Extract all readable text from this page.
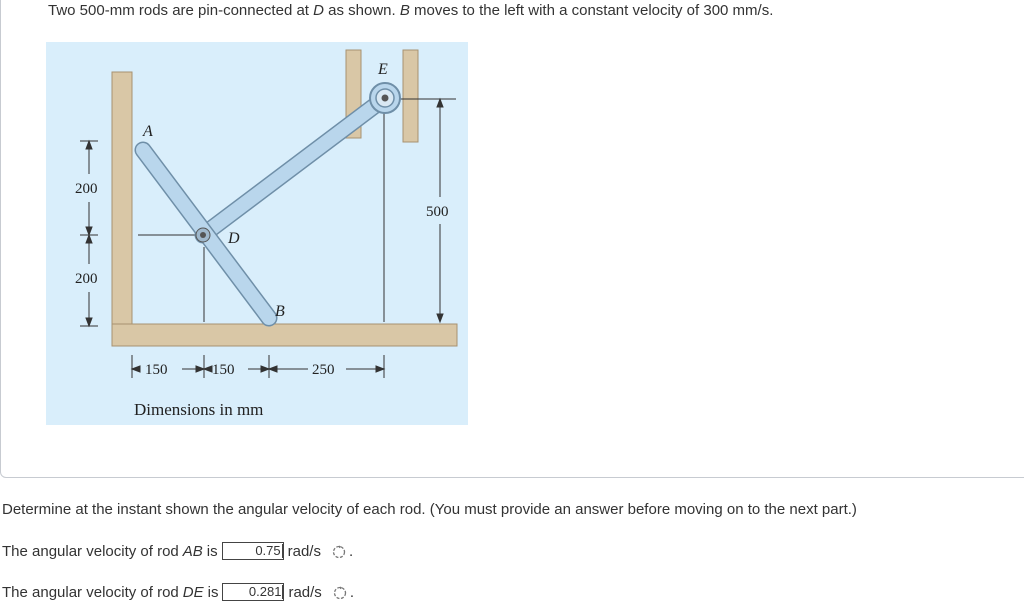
Two 500-mm rods are pin-connected at D as shown. B moves to the left with a constant velocity of 300 mm/s.
A
D
B
E
200
200
500
150	150	250
Dimensions in mm
Determine at the instant shown the angular velocity of each rod. (You must provide an answer before moving on to the next part.)
The angular velocity of rod AB is	0.75 rad/s .
The angular velocity of rod DE is 0.281 rad/s .
